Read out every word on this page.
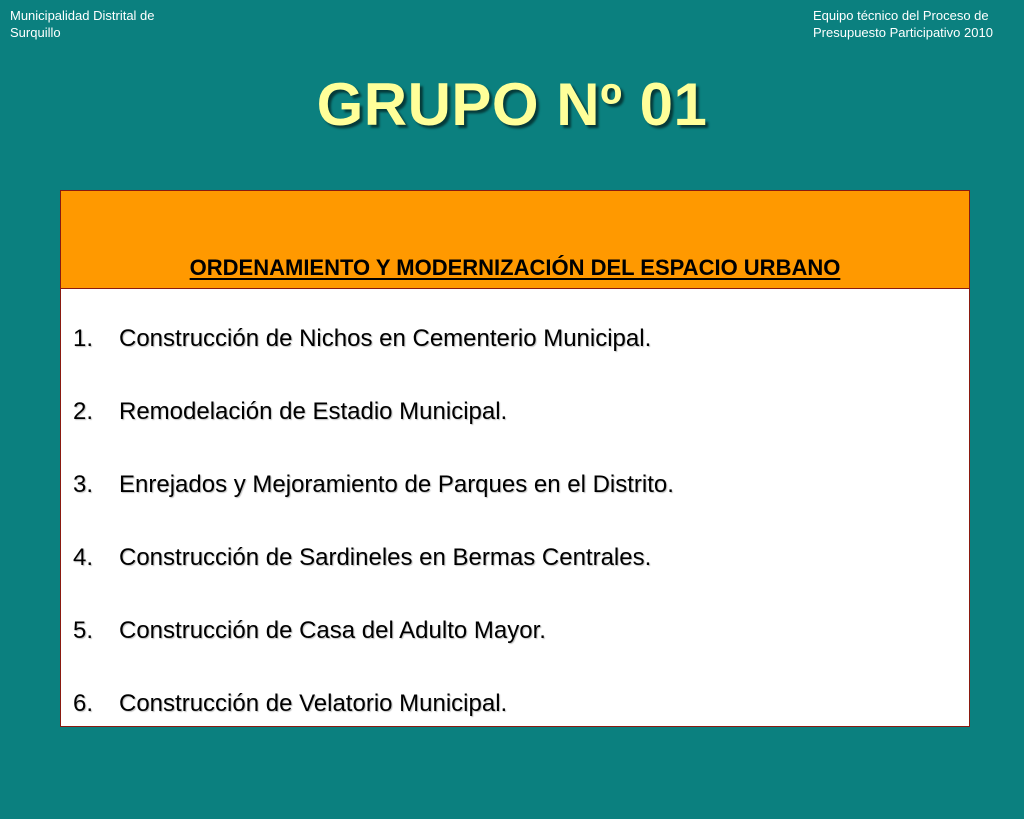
Municipalidad Distrital de
Surquillo
Equipo técnico del Proceso de
Presupuesto Participativo 2010
GRUPO Nº 01
ORDENAMIENTO Y MODERNIZACIÓN DEL ESPACIO URBANO
1. Construcción de Nichos en Cementerio Municipal.
2. Remodelación de Estadio Municipal.
3. Enrejados y Mejoramiento de Parques en el Distrito.
4. Construcción de Sardineles en Bermas Centrales.
5. Construcción de Casa del Adulto Mayor.
6. Construcción de Velatorio Municipal.
